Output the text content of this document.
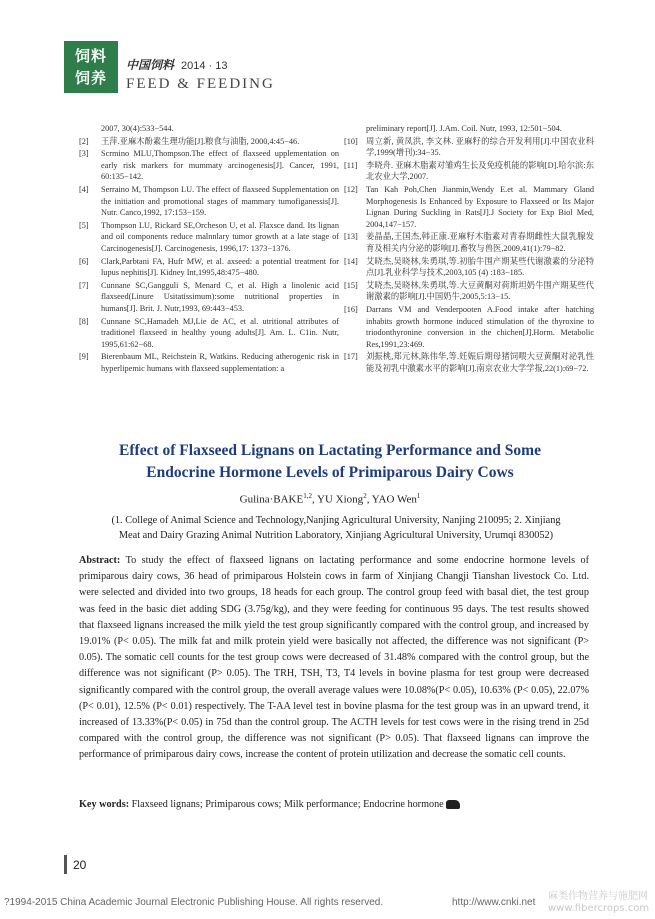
饲料
饲养
中国饲料 2014 · 13
FEED & FEEDING
2007, 30(4):533−544.
[2]	王萍.亚麻木酚素生理功能[J].粮食与油脂, 2000,4:45−46.
[3]	Scrmino MLU,Thompson.The effect of flaxseed upplementation on early risk markers for mummaty arcinogenesis[J]. Cancer, 1991, 60:135−142.
[4]	Serraino M, Thompson LU. The effect of flaxseed Supplementation on the initiation and promotional stages of mammary tumofiganessis[J]. Nutr. Canco,1992, 17:153−159.
[5]	Thompson LU, Rickard SE,Orcheson U, et al. Flaxsce dand. Its lignan and oil components reduce malnnlary tumor growth at a late stage of Carcinogenesis[J]. Carcinogenesis, 1996,17: 1373−1376.
[6]	Clark,Parbtani FA, Hufr MW, et al. axseed: a potential treatment for lupus nephitis[J]. Kidney Int,1995,48:475−480.
[7]	Cunnane SC,Gangguli S, Menard C, et al. High a linolenic acid flaxseed(Linure Usitatissimum):some nutritional properties in humans[J]. Brit. J. Nutr,1993, 69:443−453.
[8]	Cunnane SC,Hamadeh MJ,Lie de AC, et al. utritional attributes of traditionel flaxseed in healthy young adults[J]. Am. L. C1in. Nutr, 1995,61:62−68.
[9]	Bierenbaum ML, Reichstein R, Watkins. Reducing atherogenic risk in hyperlipemic humans with flaxseed supplementation: a
preliminary report[J]. J.Am. Coil. Nutr, 1993, 12:501−504.
[10] 周立新, 黄凤洪, 李文林. 亚麻籽的综合开发利用[J].中国农业科学,1999(增刊):34−35.
[11]	李晓舟. 亚麻木脂素对雏鸡生长及免疫机能的影响[D].哈尔滨:东北农业大学,2007.
[12] Tan Kah Poh,Chen Jianmin,Wendy E.et al. Mammary Gland Morphogenesis Is Enhanced by Exposure to Flaxseed or Its Major Lignan During Suckling in Rats[J].J Society for Exp Biol Med, 2004,147−157.
[13] 姜晶晶,王国杰,韩正康.亚麻籽木脂素对青春期雌性大鼠乳腺发育及相关内分泌的影响[J].畜牧与兽医,2009,41(1):79−82.
[14] 艾晓杰,吴晓林,朱勇琪,等.初胎牛围产期某些代谢激素的分泌特点[J].乳业科学与技术,2003,105 (4) :183−185.
[15] 艾晓杰,吴晓林,朱勇琪,等.大豆黄酮对荷斯坦奶牛围产期某些代谢激素的影响[J].中国奶牛,2005,5:13−15.
[16] Darrans VM and Venderpooten A.Food intake after hatching inhabits growth hormone induced stimulation of the thyroxine to triodonthyronine conversion in the chichen[J].Horm. Metabolic Res,1991,23:469.
[17] 刘振桃,郑元林,陈伟华,等.妊娠后期母猪饲喂大豆黄酮对泌乳性能及初乳中激素水平的影响[J].南京农业大学学报,22(1):69−72.
Effect of Flaxseed Lignans on Lactating Performance and Some
Endocrine Hormone Levels of Primiparous Dairy Cows
Gulina·BAKE$^{1,2}$, YU Xiong$^2$, YAO Wen$^1$
(1. College of Animal Science and Technology,Nanjing Agricultural University, Nanjing 210095; 2. Xinjiang Meat and Dairy Grazing Animal Nutrition Laboratory, Xinjiang Agricultural University, Urumqi 830052)
Abstract: To study the effect of flaxseed lignans on lactating performance and some endocrine hormone levels of primiparous dairy cows, 36 head of primiparous Holstein cows in farm of Xinjiang Changji Tianshan livestock Co. Ltd. were selected and divided into two groups, 18 heads for each group. The control group feed with basal diet, the test group was feed in the basic diet adding SDG (3.75g/kg), and they were feeding for continuous 95 days. The test results showed that flaxseed lignans increased the milk yield the test group significantly compared with the control group, and increased by 19.01% (P< 0.05). The milk fat and milk protein yield were basically not affected, the difference was not significant (P> 0.05). The somatic cell counts for the test group cows were decreased of 31.48% compared with the control group, but the difference was not significant (P> 0.05). The TRH, TSH, T3, T4 levels in bovine plasma for test group were decreased significantly compared with the control group, the overall average values were 10.08%(P< 0.05), 10.63% (P< 0.05), 22.07% (P< 0.01), 12.5% (P< 0.01) respectively. The T-AA level test in bovine plasma for the test group was in an upward trend, it increased of 13.33%(P< 0.05) in 75d than the control group. The ACTH levels for test cows were in the rising trend in 25d compared with the control group, the difference was not significant (P> 0.05). That flaxseed lignans can improve the performance of primiparous dairy cows, increase the content of protein utilization and decrease the somatic cell counts.
Key words: Flaxseed lignans; Primiparous cows; Milk performance; Endocrine hormone
20
?1994-2015 China Academic Journal Electronic Publishing House. All rights reserved.	http://www.cnki.net
麻类作物营养与施肥网
www.fibercrops.com
